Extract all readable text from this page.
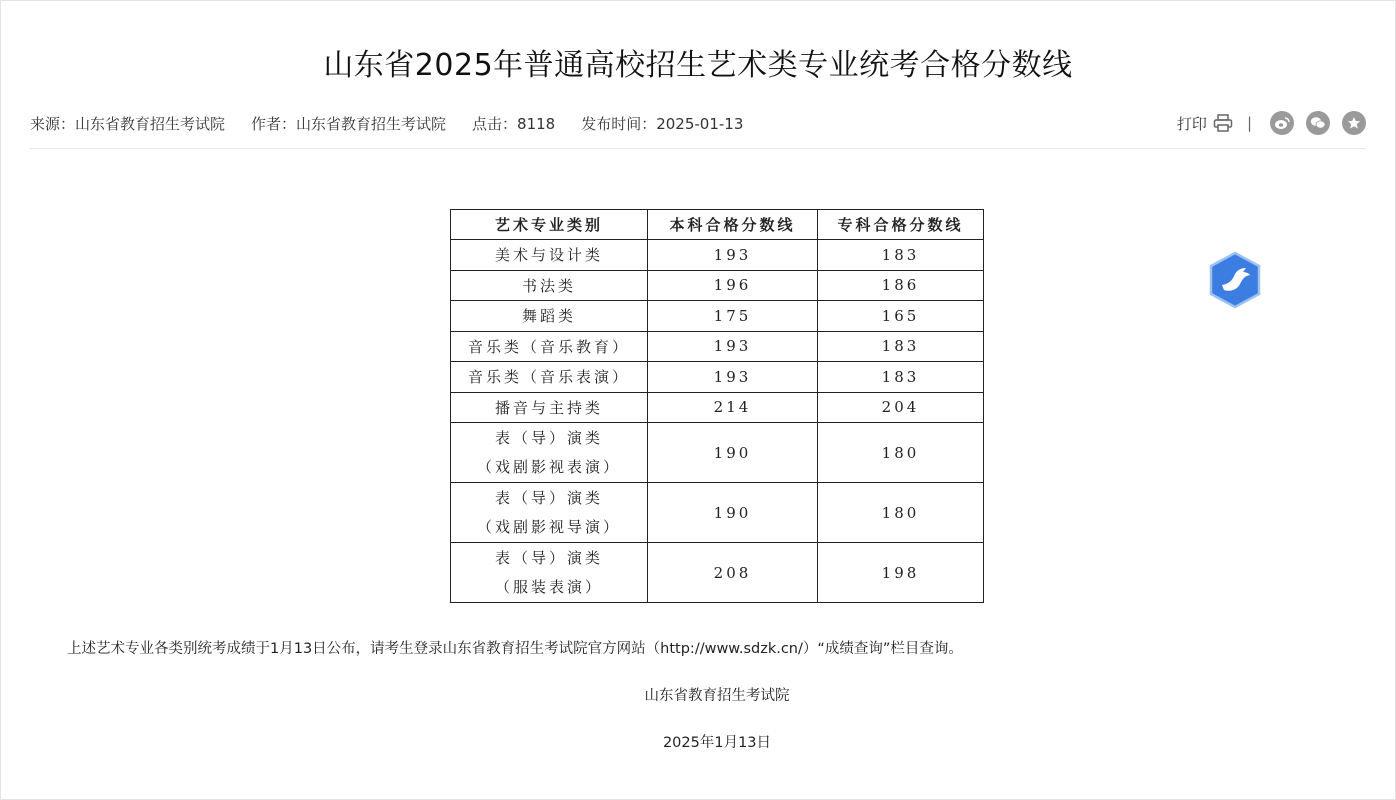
山东省2025年普通高校招生艺术类专业统考合格分数线
来源：山东省教育招生考试院 作者：山东省教育招生考试院 点击：8118 发布时间：2025-01-13	打印	|
艺术专业类别	本科合格分数线	专科合格分数线
美术与设计类	193	183
书法类	196	186
舞蹈类	175	165
音乐类（音乐教育）	193	183
音乐类（音乐表演）	193	183
播音与主持类	214	204

表（导）演类
（戏剧影视表演）	190	180

表（导）演类
（戏剧影视导演）	190	180

表（导）演类
（服装表演）	208	198

上述艺术专业各类别统考成绩于1月13日公布，请考生登录山东省教育招生考试院官方网站（http://www.sdzk.cn/）“成绩查询”栏目查询。

山东省教育招生考试院

2025年1月13日
